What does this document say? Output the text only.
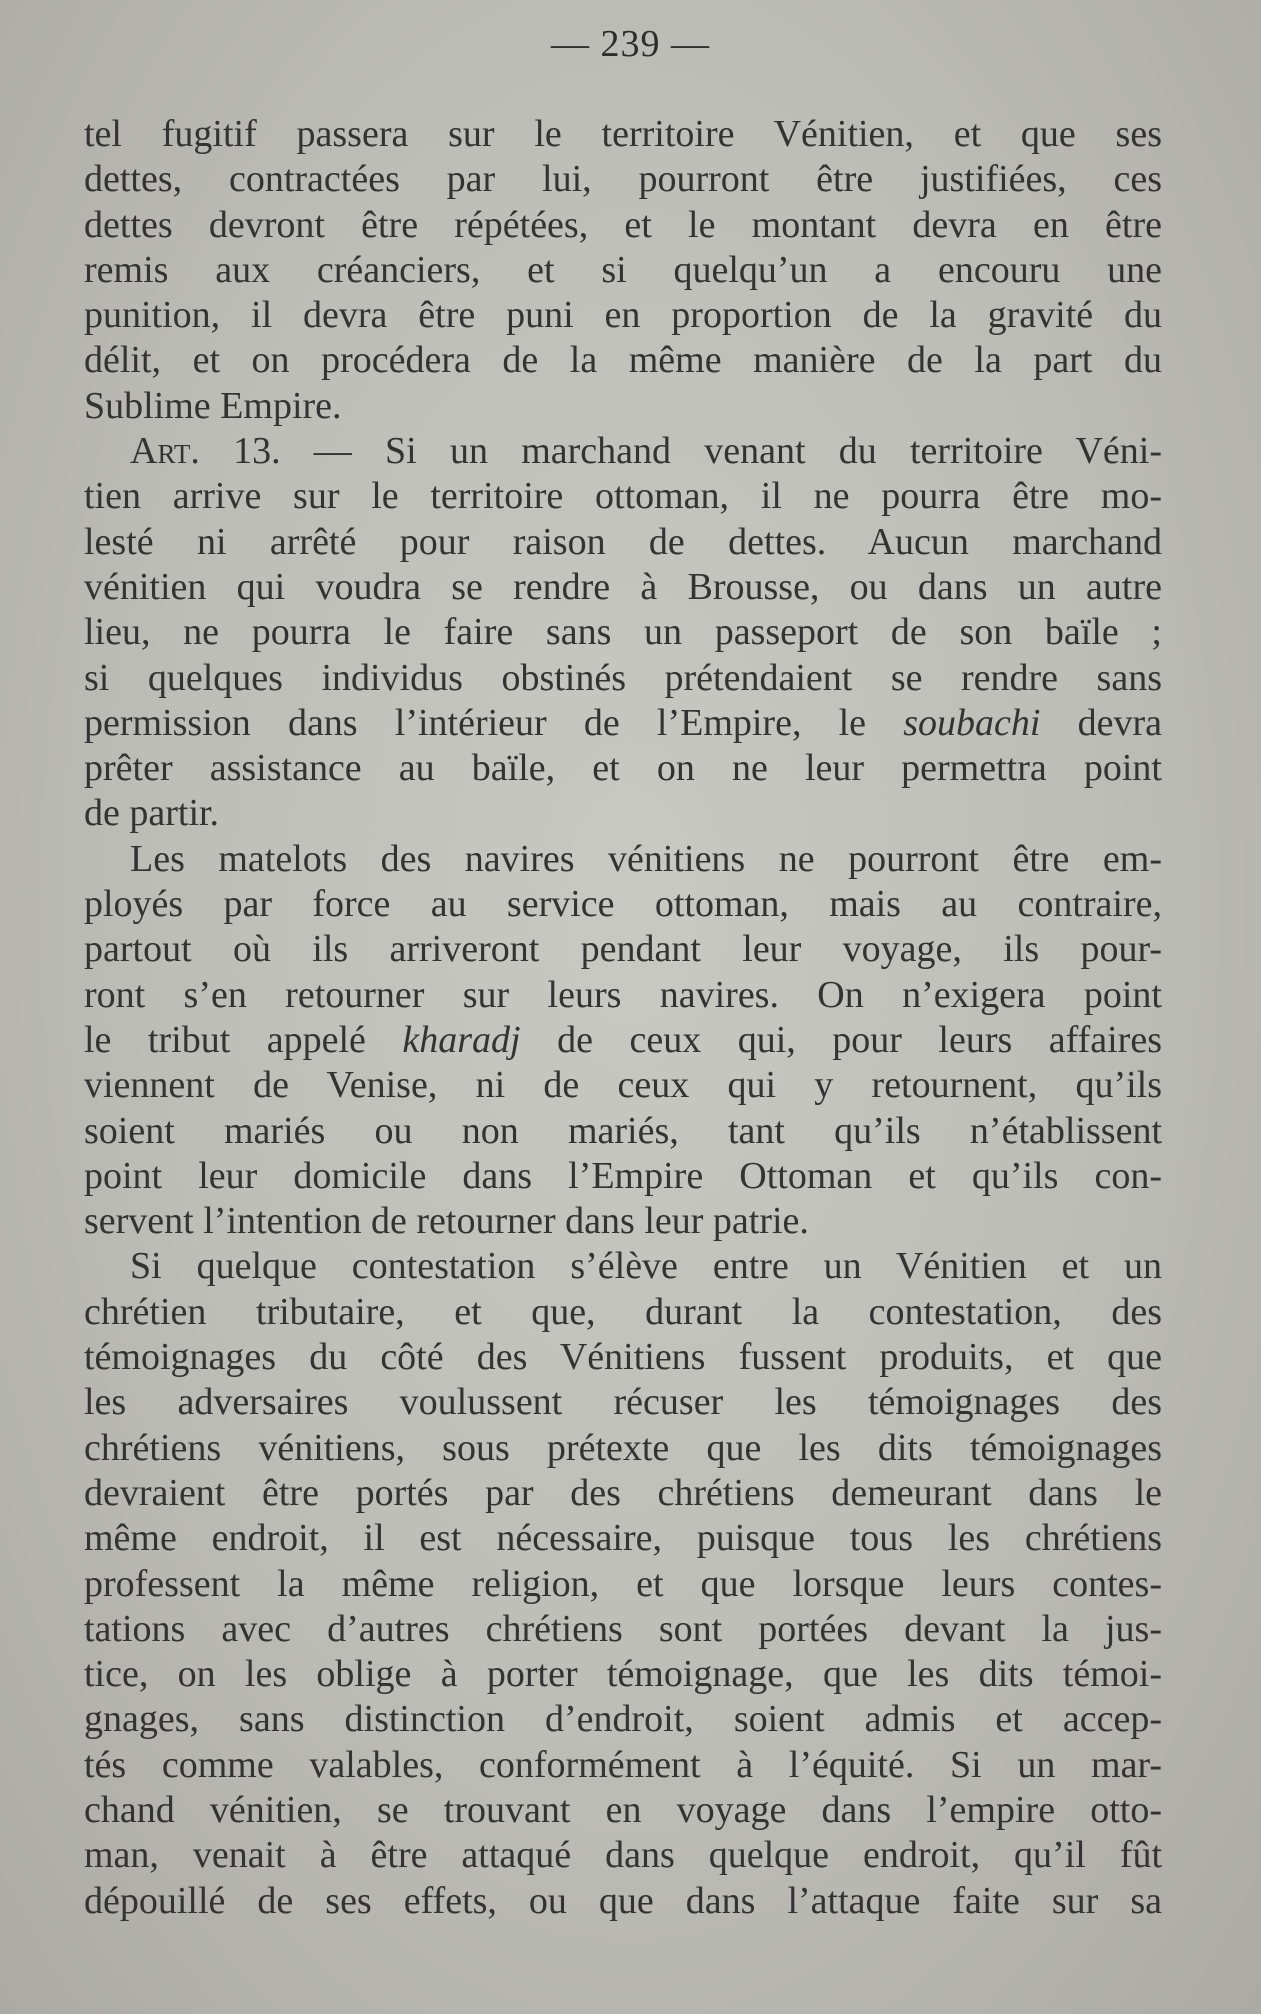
— 239 —
tel fugitif passera sur le territoire Vénitien, et que ses
dettes, contractées par lui, pourront être justifiées, ces
dettes devront être répétées, et le montant devra en être
remis aux créanciers, et si quelqu’un a encouru une
punition, il devra être puni en proportion de la gravité du
délit, et on procédera de la même manière de la part du
Sublime Empire.
Art. 13. — Si un marchand venant du territoire Véni-
tien arrive sur le territoire ottoman, il ne pourra être mo-
lesté ni arrêté pour raison de dettes. Aucun marchand
vénitien qui voudra se rendre à Brousse, ou dans un autre
lieu, ne pourra le faire sans un passeport de son baïle ;
si quelques individus obstinés prétendaient se rendre sans
permission dans l’intérieur de l’Empire, le soubachi devra
prêter assistance au baïle, et on ne leur permettra point
de partir.
Les matelots des navires vénitiens ne pourront être em-
ployés par force au service ottoman, mais au contraire,
partout où ils arriveront pendant leur voyage, ils pour-
ront s’en retourner sur leurs navires. On n’exigera point
le tribut appelé kharadj de ceux qui, pour leurs affaires
viennent de Venise, ni de ceux qui y retournent, qu’ils
soient mariés ou non mariés, tant qu’ils n’établissent
point leur domicile dans l’Empire Ottoman et qu’ils con-
servent l’intention de retourner dans leur patrie.
Si quelque contestation s’élève entre un Vénitien et un
chrétien tributaire, et que, durant la contestation, des
témoignages du côté des Vénitiens fussent produits, et que
les adversaires voulussent récuser les témoignages des
chrétiens vénitiens, sous prétexte que les dits témoignages
devraient être portés par des chrétiens demeurant dans le
même endroit, il est nécessaire, puisque tous les chrétiens
professent la même religion, et que lorsque leurs contes-
tations avec d’autres chrétiens sont portées devant la jus-
tice, on les oblige à porter témoignage, que les dits témoi-
gnages, sans distinction d’endroit, soient admis et accep-
tés comme valables, conformément à l’équité. Si un mar-
chand vénitien, se trouvant en voyage dans l’empire otto-
man, venait à être attaqué dans quelque endroit, qu’il fût
dépouillé de ses effets, ou que dans l’attaque faite sur sa
